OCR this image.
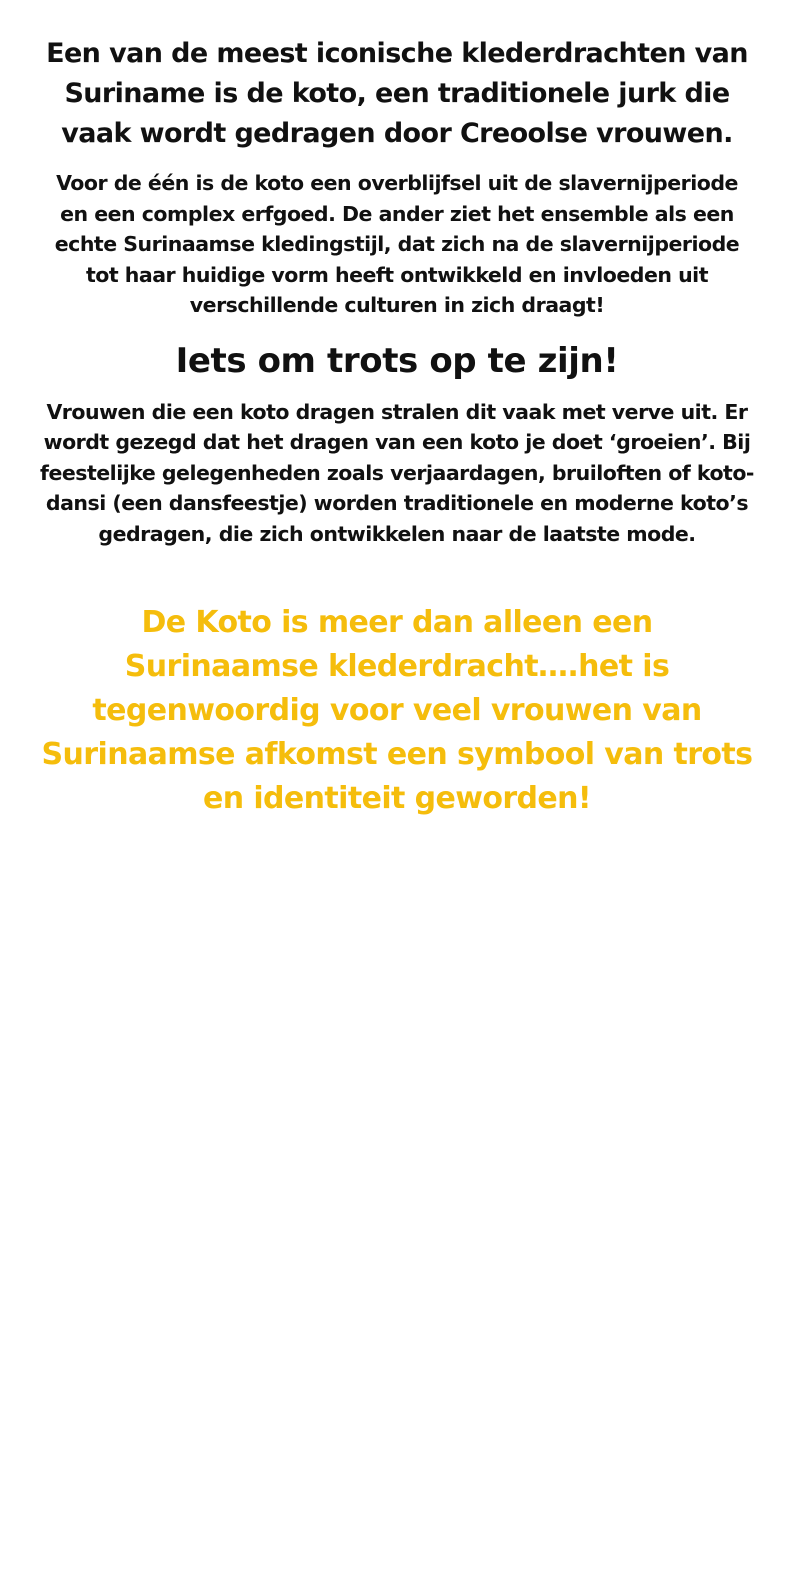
Een van de meest iconische klederdrachten van Suriname is de koto, een traditionele jurk die vaak wordt gedragen door Creoolse vrouwen.

Voor de één is de koto een overblijfsel uit de slavernijperiode en een complex erfgoed. De ander ziet het ensemble als een echte Surinaamse kledingstijl, dat zich na de slavernijperiode tot haar huidige vorm heeft ontwikkeld en invloeden uit verschillende culturen in zich draagt!

Iets om trots op te zijn!

Vrouwen die een koto dragen stralen dit vaak met verve uit. Er wordt gezegd dat het dragen van een koto je doet ‘groeien’. Bij feestelijke gelegenheden zoals verjaardagen, bruiloften of koto-dansi (een dansfeestje) worden traditionele en moderne koto’s gedragen, die zich ontwikkelen naar de laatste mode.

De Koto is meer dan alleen een Surinaamse klederdracht….het is tegenwoordig voor veel vrouwen van Surinaamse afkomst een symbool van trots en identiteit geworden!
